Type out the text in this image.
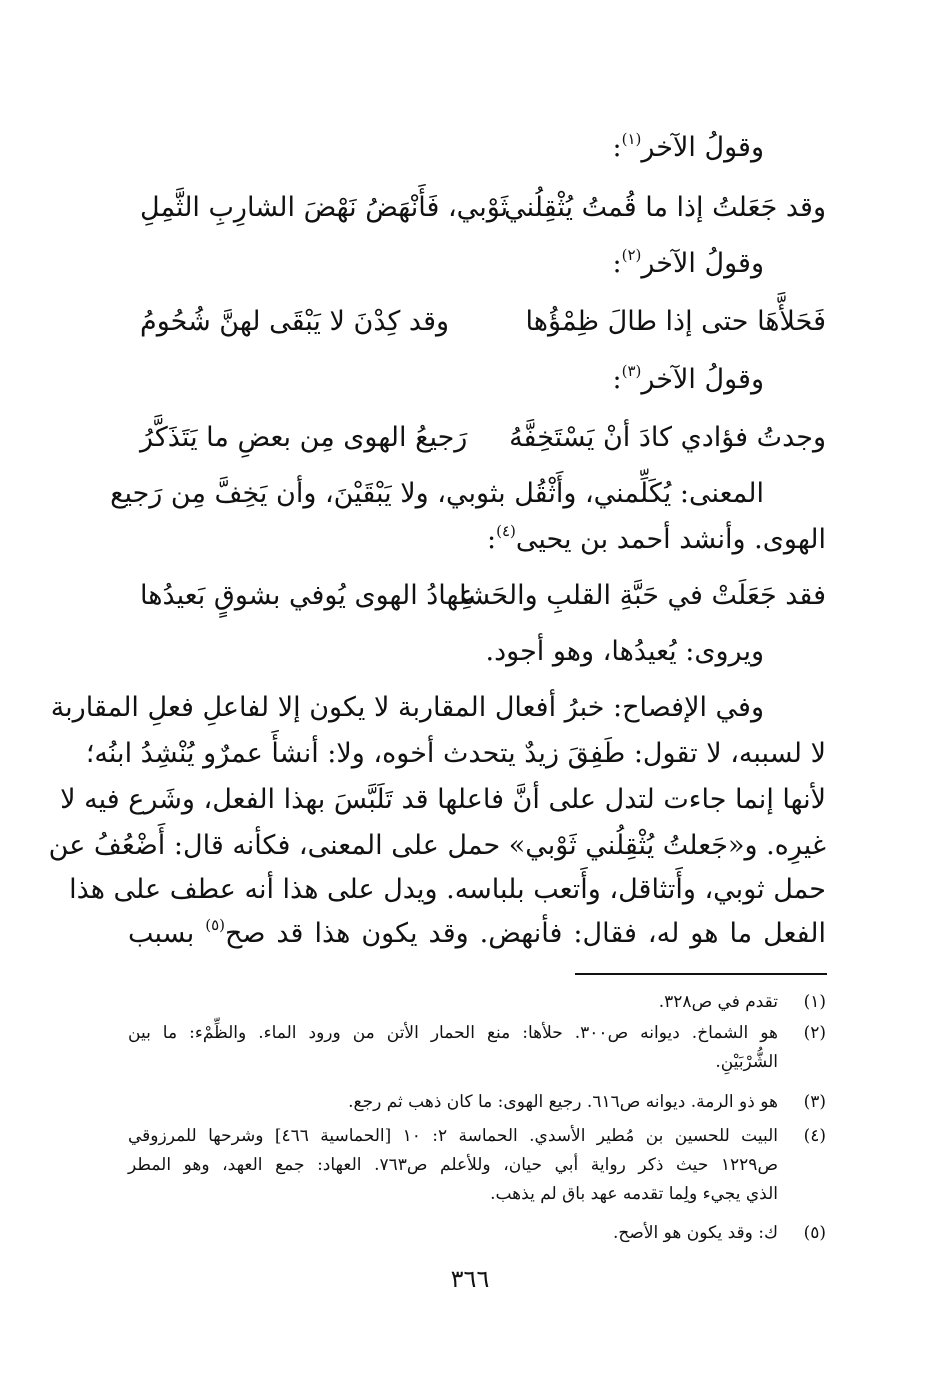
وقولُ الآخر$^{(١)}$:
وقد جَعَلتُ إذا ما قُمتُ يُثْقِلُني
ثَوْبي، فَأَنْهَضُ نَهْضَ الشارِبِ الثَّمِلِ
وقولُ الآخر$^{(٢)}$:
فَحَلأَّهَا حتى إذا طالَ ظِمْؤُها
وقد كِدْنَ لا يَبْقَى لهنَّ شُحُومُ
وقولُ الآخر$^{(٣)}$:
وجدتُ فؤادي كادَ أنْ يَسْتَخِفَّهُ
رَجيعُ الهوى مِن بعضِ ما يَتَذَكَّرُ
المعنى: يُكَلِّمني، وأَثْقُل بثوبي، ولا يَبْقَيْنَ، وأن يَخِفَّ مِن رَجيع
الهوى. وأنشد أحمد بن يحيى$^{(٤)}$:
فقد جَعَلَتْ في حَبَّةِ القلبِ والحَشا
عِهادُ الهوى يُوفي بشوقٍ بَعيدُها
ويروى: يُعيدُها، وهو أجود.
وفي الإفصاح: خبرُ أفعال المقاربة لا يكون إلا لفاعلِ فعلِ المقاربة
لا لسببه، لا تقول: طَفِقَ زيدٌ يتحدث أخوه، ولا: أنشأَ عمرٌو يُنْشِدُ ابنُه؛
لأنها إنما جاءت لتدل على أنَّ فاعلها قد تَلَبَّسَ بهذا الفعل، وشَرع فيه لا
غيرِه. و«جَعلتُ يُثْقِلُني ثَوْبي» حمل على المعنى، فكأنه قال: أَضْعُفُ عن
حمل ثوبي، وأَتثاقل، وأَتعب بلباسه. ويدل على هذا أنه عطف على هذا
الفعل ما هو له، فقال: فأنهض. وقد يكون هذا قد صح$^{(٥)}$ بسبب
(١)
تقدم في ص٣٢٨.
(٢)
هو الشماخ. ديوانه ص٣٠٠. حلأها: منع الحمار الأتن من ورود الماء. والظِّمْء: ما بين
الشُّرْبَيْنِ.
(٣)
هو ذو الرمة. ديوانه ص٦١٦. رجيع الهوى: ما كان ذهب ثم رجع.
(٤)
البيت للحسين بن مُطير الأسدي. الحماسة ٢: ١٠ [الحماسية ٤٦٦] وشرحها للمرزوقي
ص١٢٢٩ حيث ذكر رواية أبي حيان، وللأعلم ص٧٦٣. العهاد: جمع العهد، وهو المطر
الذي يجيء ولِما تقدمه عهد باق لم يذهب.
(٥)
ك: وقد يكون هو الأصح.
٣٦٦
